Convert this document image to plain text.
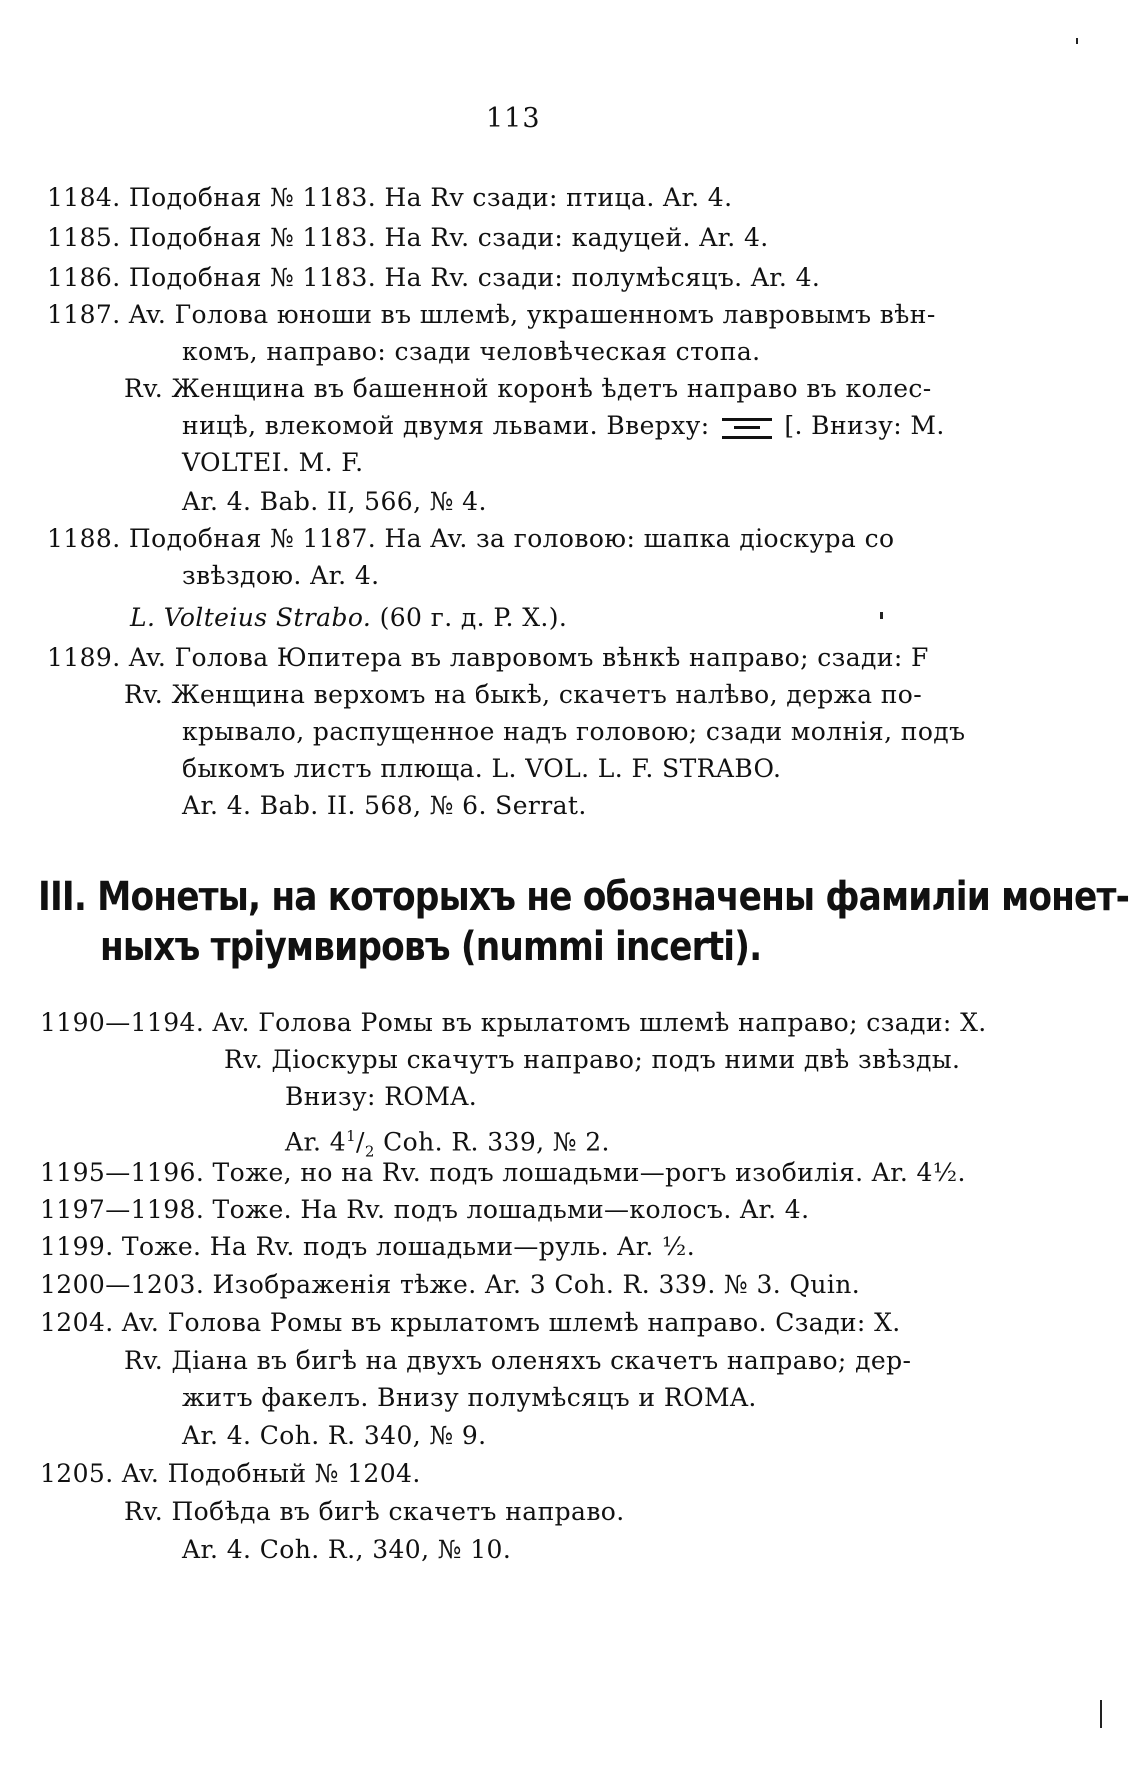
113
1184. Подобная № 1183. На Rv сзади: птица. Ar. 4.
1185. Подобная № 1183. На Rv. сзади: кадуцей. Ar. 4.
1186. Подобная № 1183. На Rv. сзади: полумѣсяцъ. Ar. 4.
1187. Av. Голова юноши въ шлемѣ, украшенномъ лавровымъ вѣн-
комъ, направо: сзади человѣческая стопа.
Rv. Женщина въ башенной коронѣ ѣдетъ направо въ колес-
ницѣ, влекомой двумя львами. Вверху:	[. Внизу: M.
VOLTEI. M. F.
Ar. 4. Bab. II, 566, № 4.
1188. Подобная № 1187. На Av. за головою: шапка діоскура со
звѣздою. Ar. 4.
L. Volteius Strabo. (60 г. д. P. X.).
1189. Av. Голова Юпитера въ лавровомъ вѣнкѣ направо; сзади: F
Rv. Женщина верхомъ на быкѣ, скачетъ налѣво, держа по-
крывало, распущенное надъ головою; сзади молнія, подъ
быкомъ листъ плюща. L. VOL. L. F. STRABO.
Ar. 4. Bab. II. 568, № 6. Serrat.
III. Монеты, на которыхъ не обозначены фамиліи монет-
ныхъ тріумвировъ (nummi incerti).
1190—1194. Av. Голова Ромы въ крылатомъ шлемѣ направо; сзади: X.
Rv. Діоскуры скачутъ направо; подъ ними двѣ звѣзды.
Внизу: ROMA.
Ar. $4^1/_2$ Coh. R. 339, № 2.
1195—1196. Тоже, но на Rv. подъ лошадьми—рогъ изобилія. Ar. 4½.
1197—1198. Тоже. На Rv. подъ лошадьми—колосъ. Ar. 4.
1199. Тоже. На Rv. подъ лошадьми—руль. Ar. ½.
1200—1203. Изображенія тѣже. Ar. 3 Coh. R. 339. № 3. Quin.
1204. Av. Голова Ромы въ крылатомъ шлемѣ направо. Сзади: X.
Rv. Діана въ бигѣ на двухъ оленяхъ скачетъ направо; дер-
житъ факелъ. Внизу полумѣсяцъ и ROMA.
Ar. 4. Coh. R. 340, № 9.
1205. Av. Подобный № 1204.
Rv. Побѣда въ бигѣ скачетъ направо.
Ar. 4. Coh. R., 340, № 10.
